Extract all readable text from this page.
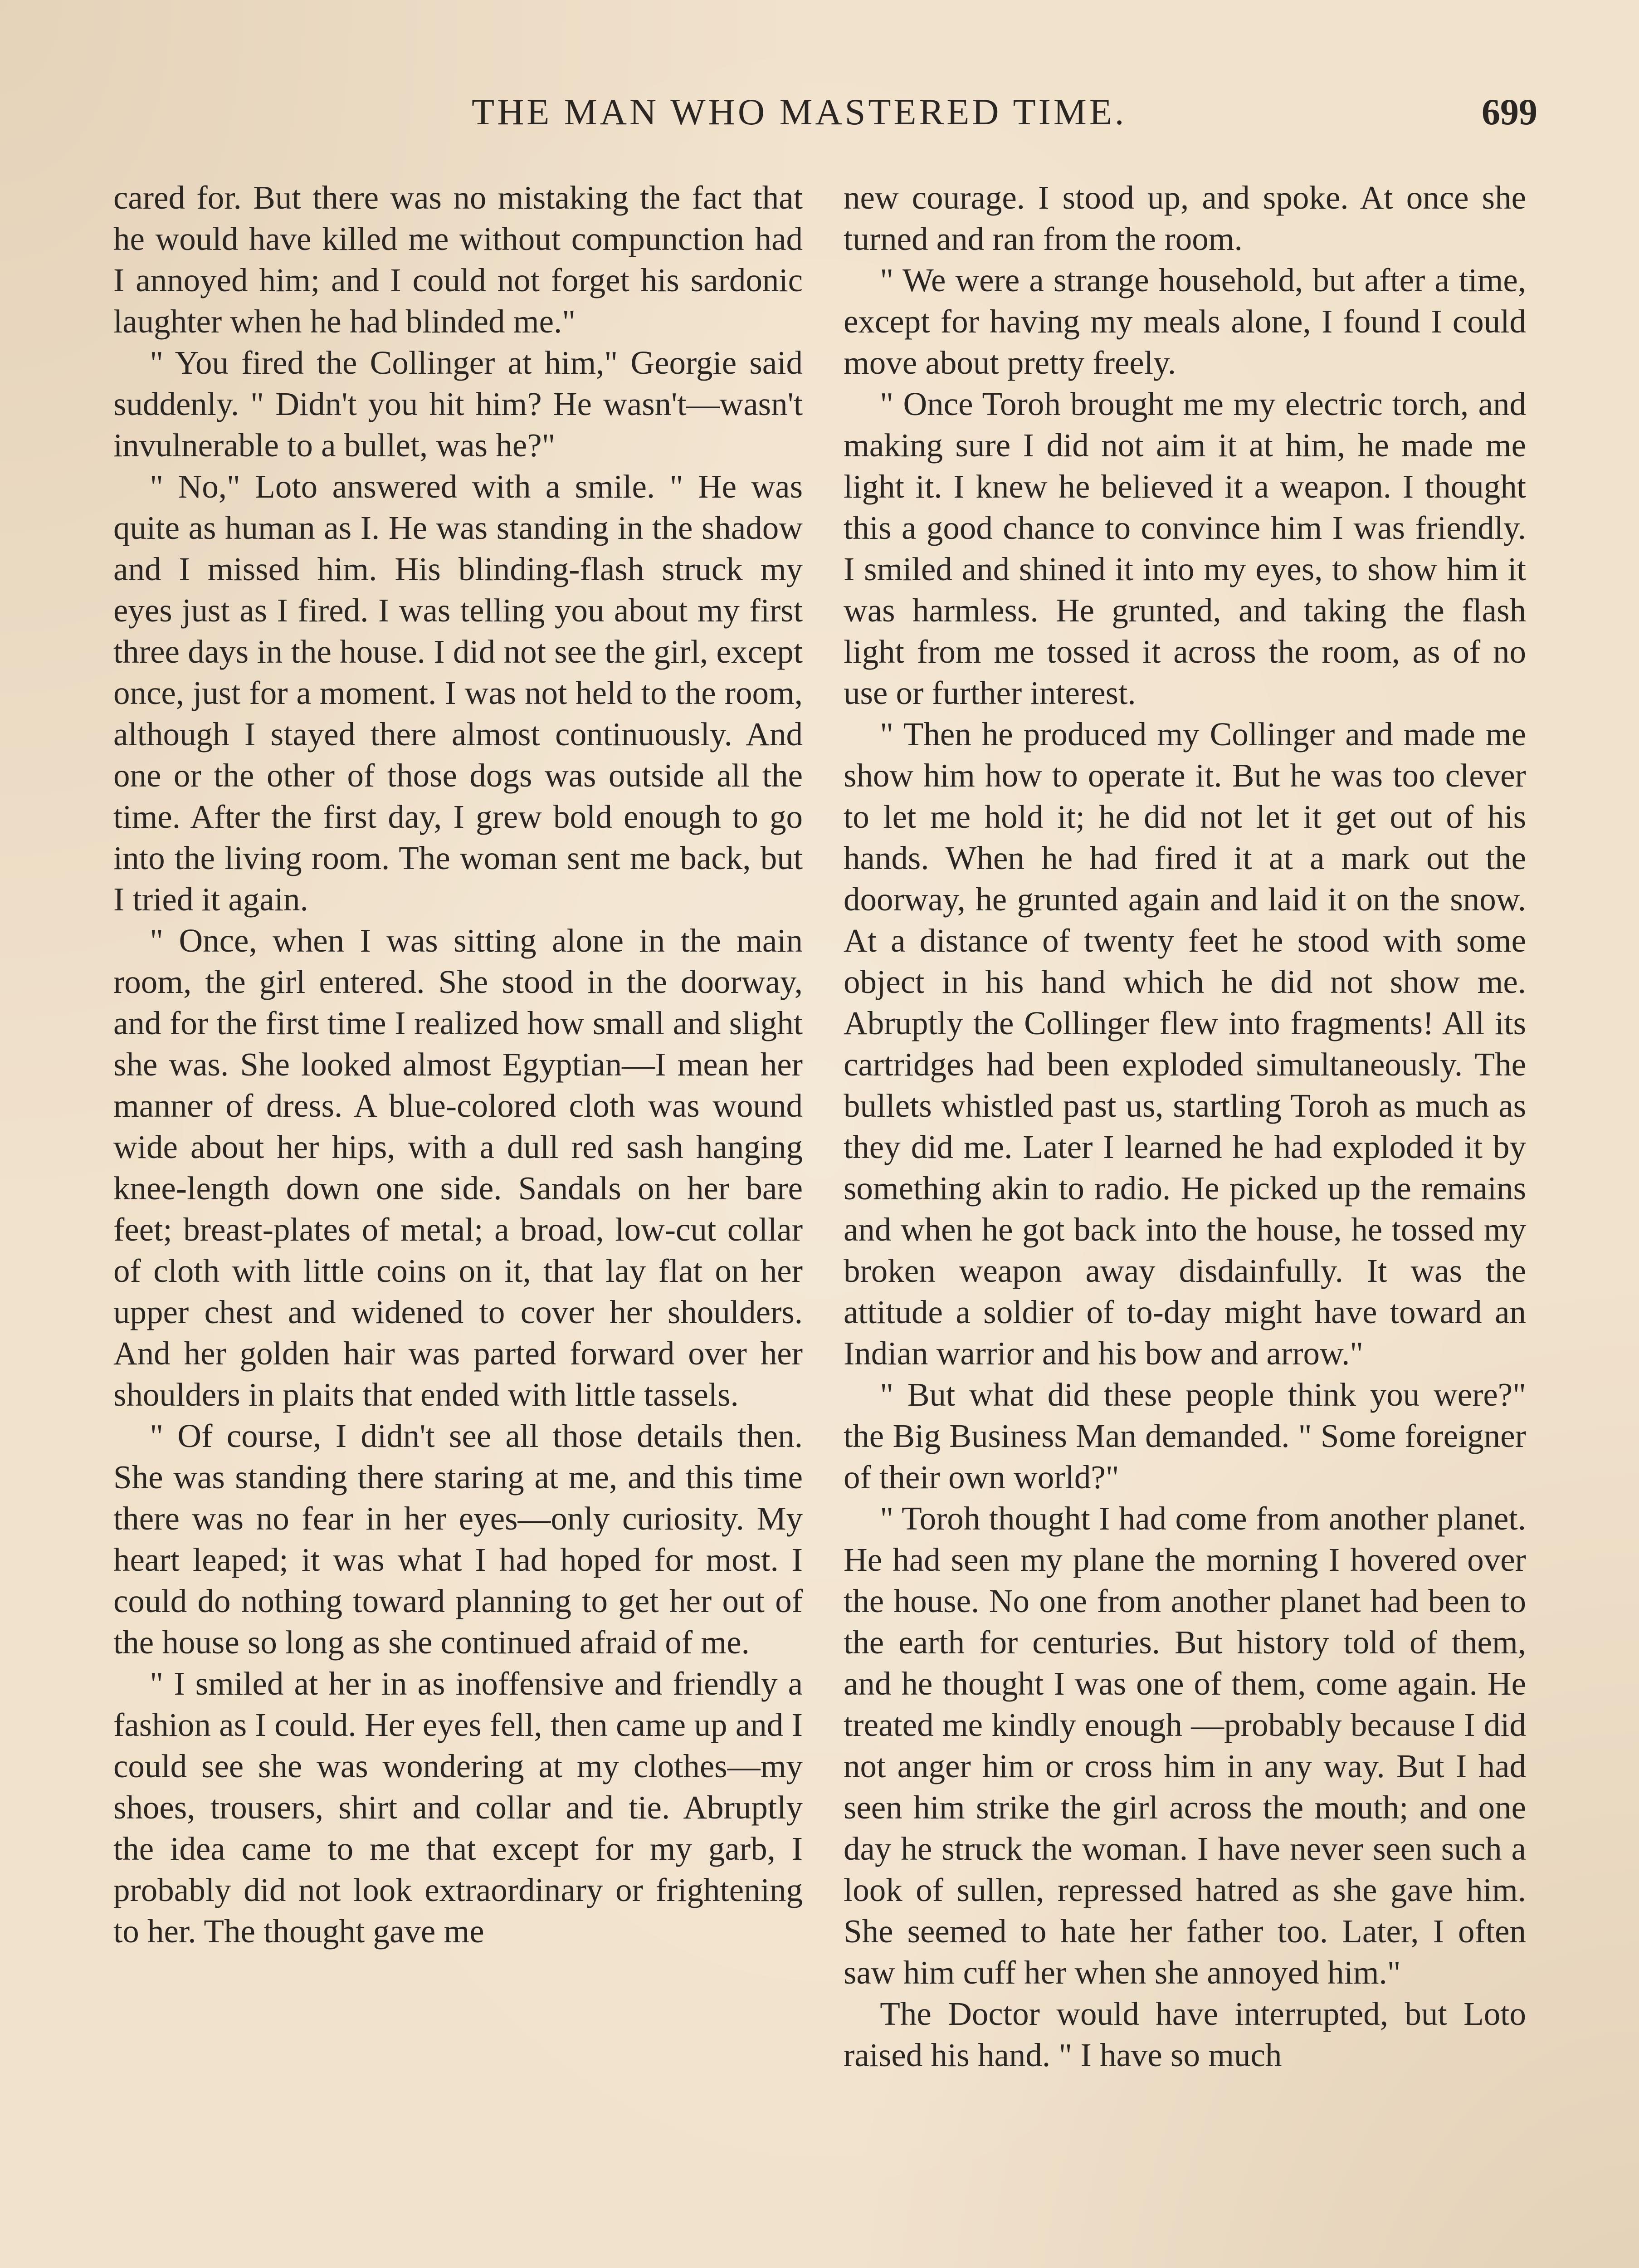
THE MAN WHO MASTERED TIME.	699

cared for. But there was no mistaking the fact that he would have killed me without compunction had I annoyed him; and I could not forget his sardonic laughter when he had blinded me."

" You fired the Collinger at him," Georgie said suddenly. " Didn't you hit him? He wasn't—wasn't invulnerable to a bullet, was he?"

" No," Loto answered with a smile. " He was quite as human as I. He was standing in the shadow and I missed him. His blinding-flash struck my eyes just as I fired. I was telling you about my first three days in the house. I did not see the girl, except once, just for a moment. I was not held to the room, although I stayed there almost continuously. And one or the other of those dogs was outside all the time. After the first day, I grew bold enough to go into the living room. The woman sent me back, but I tried it again.

" Once, when I was sitting alone in the main room, the girl entered. She stood in the doorway, and for the first time I realized how small and slight she was. She looked almost Egyptian—I mean her manner of dress. A blue-colored cloth was wound wide about her hips, with a dull red sash hanging knee-length down one side. Sandals on her bare feet; breast-plates of metal; a broad, low-cut collar of cloth with little coins on it, that lay flat on her upper chest and widened to cover her shoulders. And her golden hair was parted forward over her shoulders in plaits that ended with little tassels.

" Of course, I didn't see all those details then. She was standing there staring at me, and this time there was no fear in her eyes—only curiosity. My heart leaped; it was what I had hoped for most. I could do nothing toward planning to get her out of the house so long as she continued afraid of me.

" I smiled at her in as inoffensive and friendly a fashion as I could. Her eyes fell, then came up and I could see she was wondering at my clothes—my shoes, trousers, shirt and collar and tie. Abruptly the idea came to me that except for my garb, I probably did not look extraordinary or frightening to her. The thought gave me

new courage. I stood up, and spoke. At once she turned and ran from the room.

" We were a strange household, but after a time, except for having my meals alone, I found I could move about pretty freely.

" Once Toroh brought me my electric torch, and making sure I did not aim it at him, he made me light it. I knew he believed it a weapon. I thought this a good chance to convince him I was friendly. I smiled and shined it into my eyes, to show him it was harmless. He grunted, and taking the flash light from me tossed it across the room, as of no use or further interest.

" Then he produced my Collinger and made me show him how to operate it. But he was too clever to let me hold it; he did not let it get out of his hands. When he had fired it at a mark out the doorway, he grunted again and laid it on the snow. At a distance of twenty feet he stood with some object in his hand which he did not show me. Abruptly the Collinger flew into fragments! All its cartridges had been exploded simultaneously. The bullets whistled past us, startling Toroh as much as they did me. Later I learned he had exploded it by something akin to radio. He picked up the remains and when he got back into the house, he tossed my broken weapon away disdainfully. It was the attitude a soldier of to-day might have toward an Indian warrior and his bow and arrow."

" But what did these people think you were?" the Big Business Man demanded. " Some foreigner of their own world?"

" Toroh thought I had come from another planet. He had seen my plane the morning I hovered over the house. No one from another planet had been to the earth for centuries. But history told of them, and he thought I was one of them, come again. He treated me kindly enough —probably because I did not anger him or cross him in any way. But I had seen him strike the girl across the mouth; and one day he struck the woman. I have never seen such a look of sullen, repressed hatred as she gave him. She seemed to hate her father too. Later, I often saw him cuff her when she annoyed him."

The Doctor would have interrupted, but Loto raised his hand. " I have so much
